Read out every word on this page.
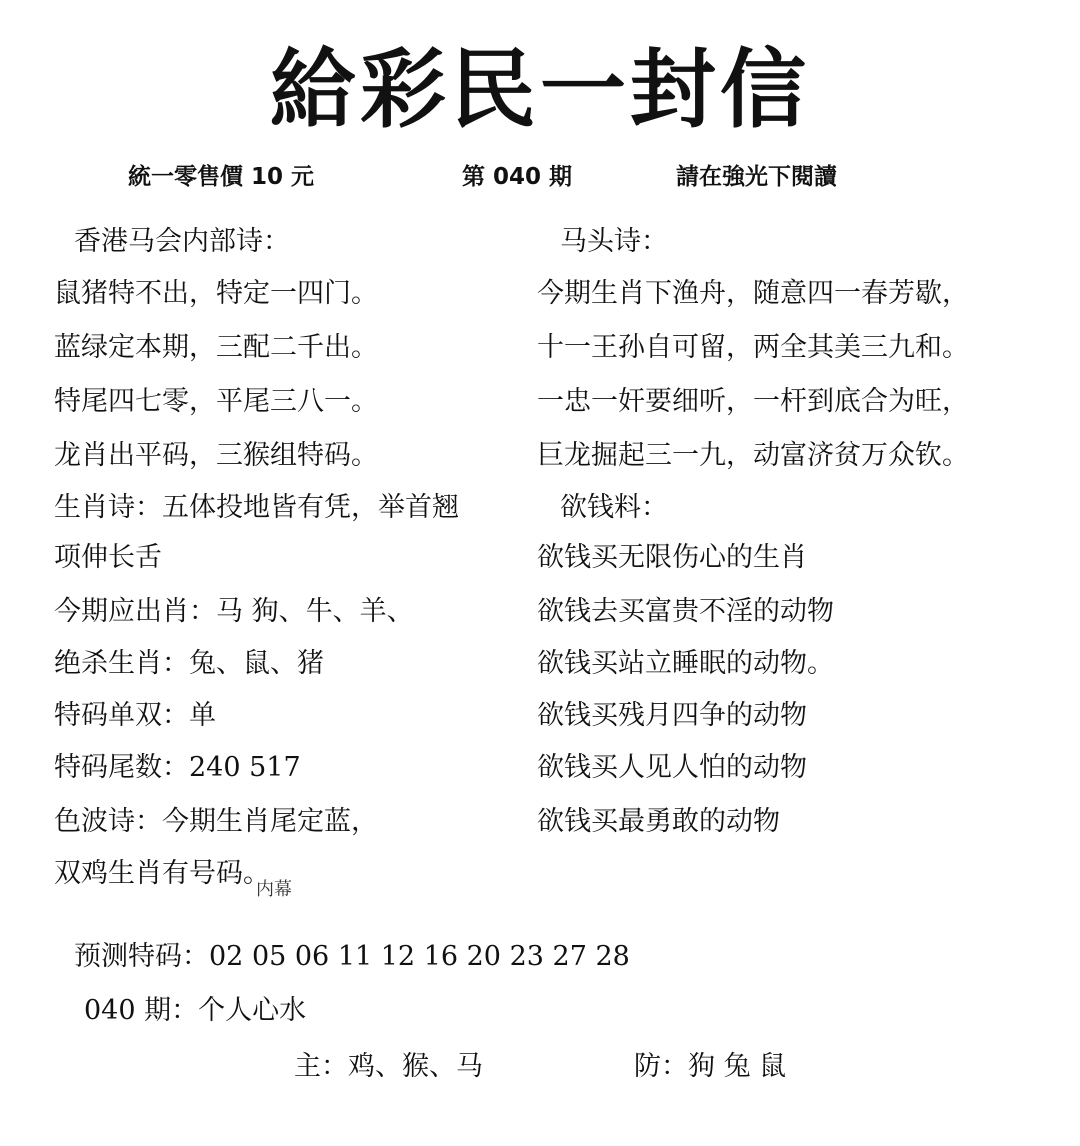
給彩民一封信
統一零售價 10 元	第 040 期	請在強光下閱讀
香港马会内部诗：
鼠猪特不出，特定一四门。
蓝绿定本期，三配二千出。
特尾四七零，平尾三八一。
龙肖出平码，三猴组特码。
生肖诗：五体投地皆有凭，举首翘
项伸长舌
今期应出肖：马 狗、牛、羊、
绝杀生肖：兔、鼠、猪
特码单双：单
特码尾数：240 517
色波诗：今期生肖尾定蓝，
双鸡生肖有号码。
内幕
马头诗：
今期生肖下渔舟，随意四一春芳歇，
十一王孙自可留，两全其美三九和。
一忠一奸要细听，一杆到底合为旺，
巨龙掘起三一九，动富济贫万众钦。
欲钱料：
欲钱买无限伤心的生肖
欲钱去买富贵不淫的动物
欲钱买站立睡眠的动物。
欲钱买残月四争的动物
欲钱买人见人怕的动物
欲钱买最勇敢的动物
预测特码：02 05 06 11 12 16 20 23 27 28
040 期：个人心水
主：鸡、猴、马	防：狗 兔 鼠
